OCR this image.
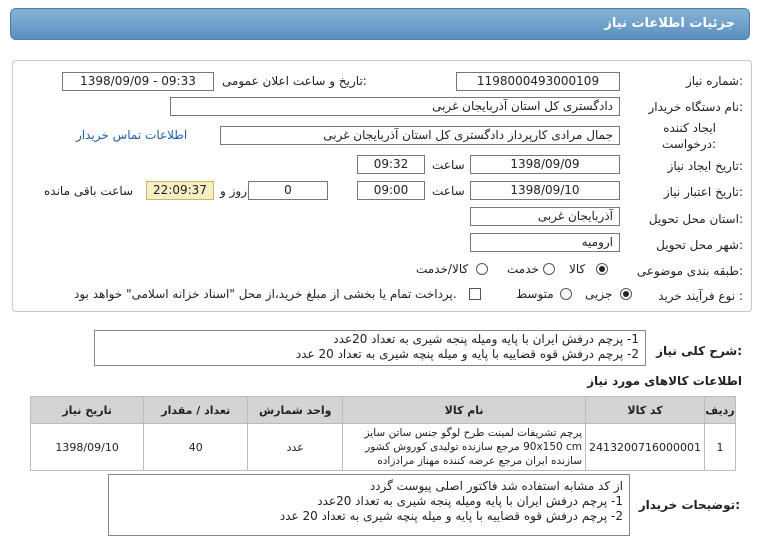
جزئیات اطلاعات نیاز
شماره نیاز:
1198000493000109
تاریخ و ساعت اعلان عمومی:
1398/09/09 - 09:33
نام دستگاه خریدار:
دادگستری کل استان آذربایجان غربی
ایجاد کننده
درخواست:
جمال مرادی کارپرداز دادگستری کل استان آذربایجان غربی
اطلاعات تماس خریدار
تاریخ ایجاد نیاز:
1398/09/09
ساعت
09:32
تاریخ اعتبار نیاز:
1398/09/10
ساعت
09:00
0
روز و
22:09:37
ساعت باقی مانده
استان محل تحویل:
آذربایجان غربی
شهر محل تحویل:
ارومیه
طبقه بندی موضوعی:
کالا
خدمت
کالا/خدمت
نوع فرآیند خرید :
جزیی
متوسط
پرداخت تمام یا بخشی از مبلغ خرید،از محل "اسناد خزانه اسلامی" خواهد بود.
شرح کلی نیاز:
1- پرچم درفش ایران با پایه ومیله پنجه شیری به تعداد 20عدد
2- پرچم درفش قوه قضاییه با پایه و میله پنچه شیری به تعداد 20 عدد
اطلاعات کالاهای مورد نیاز
ردیف	کد کالا	نام کالا	واحد شمارش	تعداد / مقدار	تاریخ نیاز
1	2413200716000001	پرچم تشریفات لمینت طرح لوگو جنس ساتن سایز 90x150 cm مرجع سازنده تولیدی کوروش کشور سازنده ایران مرجع عرضه کننده مهناز مرادزاده	عدد	40	1398/09/10
توضیحات خریدار:
از کد مشابه استفاده شد فاکتور اصلی پیوست گردد
1- پرچم درفش ایران با پایه ومیله پنجه شیری به تعداد 20عدد
2- پرچم درفش قوه قضاییه با پایه و میله پنچه شیری به تعداد 20 عدد
